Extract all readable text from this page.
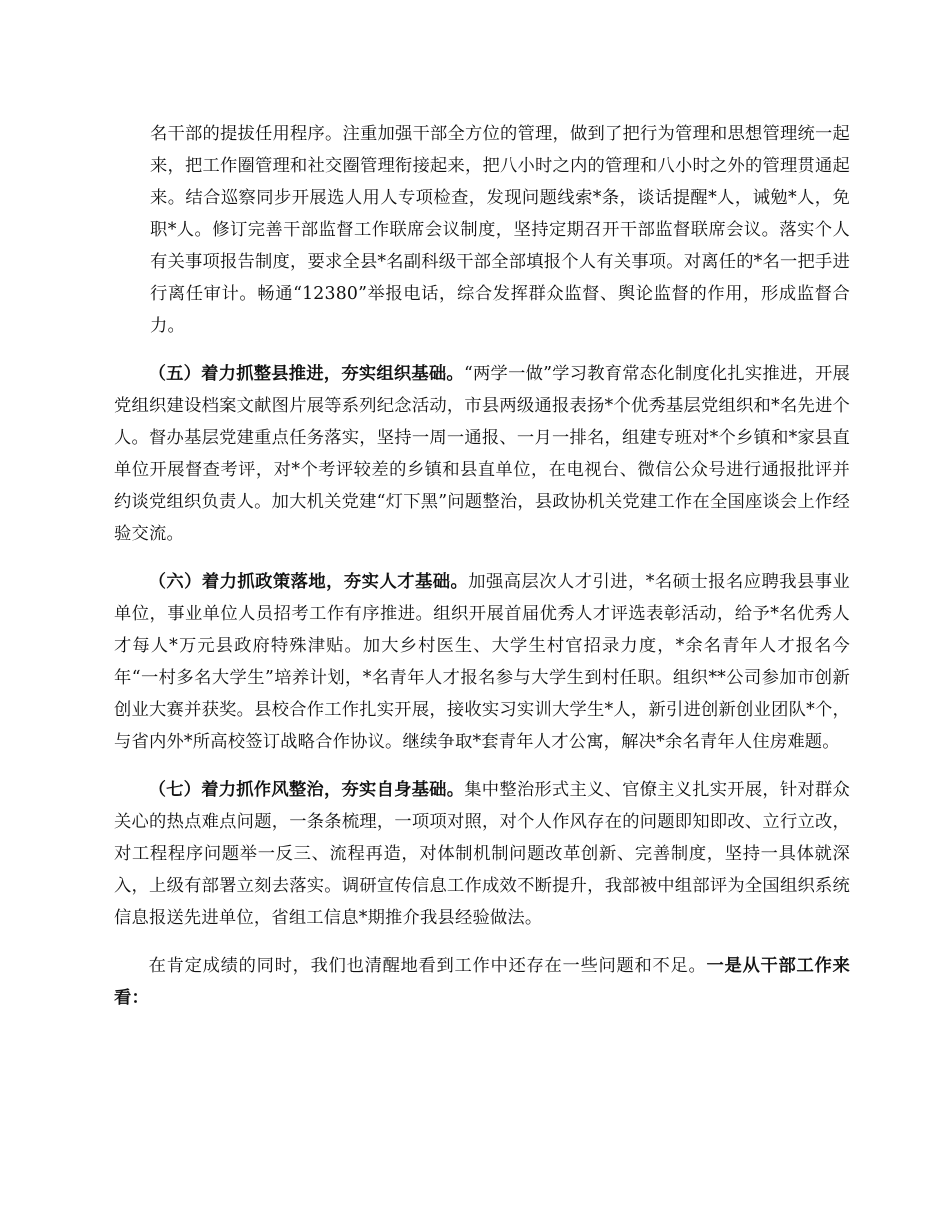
名干部的提拔任用程序。注重加强干部全方位的管理，做到了把行为管理和思想管理统一起来，把工作圈管理和社交圈管理衔接起来，把八小时之内的管理和八小时之外的管理贯通起来。结合巡察同步开展选人用人专项检查，发现问题线索*条，谈话提醒*人，诫勉*人，免职*人。修订完善干部监督工作联席会议制度，坚持定期召开干部监督联席会议。落实个人有关事项报告制度，要求全县*名副科级干部全部填报个人有关事项。对离任的*名一把手进行离任审计。畅通“12380”举报电话，综合发挥群众监督、舆论监督的作用，形成监督合力。

（五）着力抓整县推进，夯实组织基础。“两学一做”学习教育常态化制度化扎实推进，开展党组织建设档案文献图片展等系列纪念活动，市县两级通报表扬*个优秀基层党组织和*名先进个人。督办基层党建重点任务落实，坚持一周一通报、一月一排名，组建专班对*个乡镇和*家县直单位开展督查考评，对*个考评较差的乡镇和县直单位，在电视台、微信公众号进行通报批评并约谈党组织负责人。加大机关党建“灯下黑”问题整治，县政协机关党建工作在全国座谈会上作经验交流。

（六）着力抓政策落地，夯实人才基础。加强高层次人才引进，*名硕士报名应聘我县事业单位，事业单位人员招考工作有序推进。组织开展首届优秀人才评选表彰活动，给予*名优秀人才每人*万元县政府特殊津贴。加大乡村医生、大学生村官招录力度，*余名青年人才报名今年“一村多名大学生”培养计划，*名青年人才报名参与大学生到村任职。组织**公司参加市创新创业大赛并获奖。县校合作工作扎实开展，接收实习实训大学生*人，新引进创新创业团队*个，与省内外*所高校签订战略合作协议。继续争取*套青年人才公寓，解决*余名青年人住房难题。

（七）着力抓作风整治，夯实自身基础。集中整治形式主义、官僚主义扎实开展，针对群众关心的热点难点问题，一条条梳理，一项项对照，对个人作风存在的问题即知即改、立行立改，对工程程序问题举一反三、流程再造，对体制机制问题改革创新、完善制度，坚持一具体就深入，上级有部署立刻去落实。调研宣传信息工作成效不断提升，我部被中组部评为全国组织系统信息报送先进单位，省组工信息*期推介我县经验做法。

在肯定成绩的同时，我们也清醒地看到工作中还存在一些问题和不足。一是从干部工作来看：
